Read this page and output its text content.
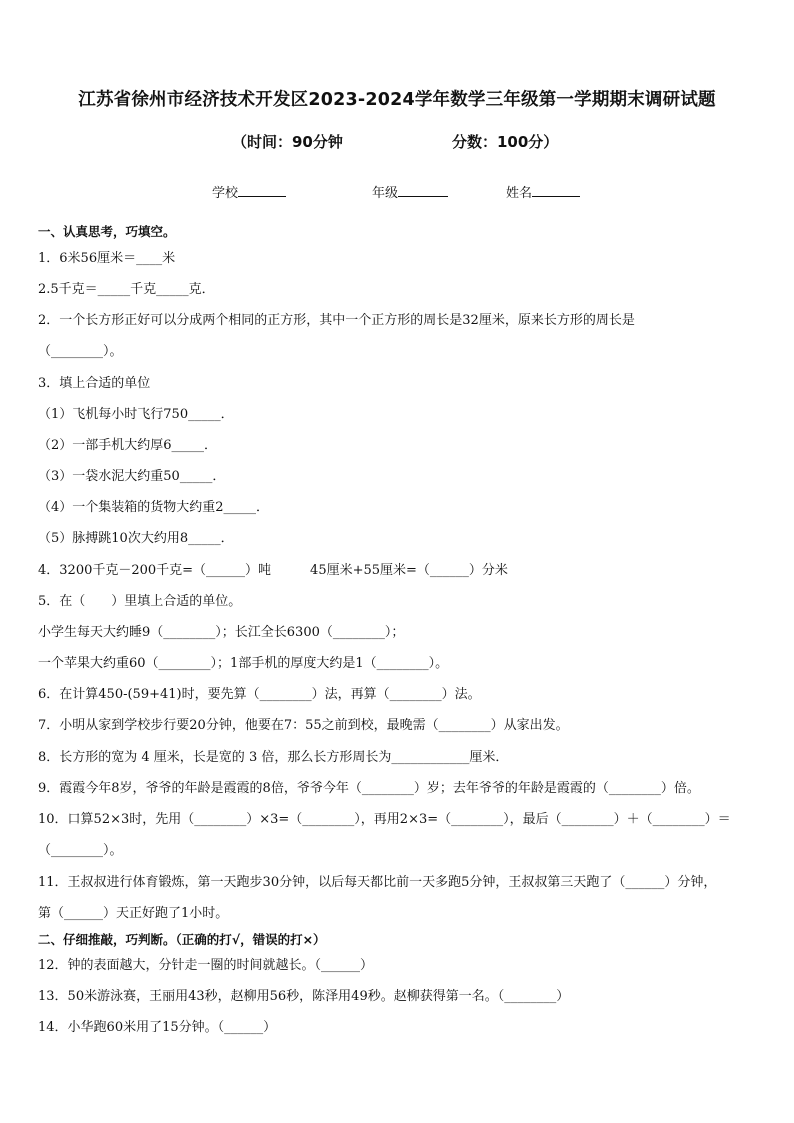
江苏省徐州市经济技术开发区2023-2024学年数学三年级第一学期期末调研试题
（时间：90分钟	分数：100分）
学校	年级	姓名
一、认真思考，巧填空。
1．6米56厘米＝____米
2.5千克＝_____千克_____克．
2．一个长方形正好可以分成两个相同的正方形，其中一个正方形的周长是32厘米，原来长方形的周长是
（________）。
3．填上合适的单位
（1）飞机每小时飞行750_____．
（2）一部手机大约厚6_____．
（3）一袋水泥大约重50_____．
（4）一个集装箱的货物大约重2_____．
（5）脉搏跳10次大约用8_____．
4．3200千克－200千克=（______）吨　　　45厘米+55厘米=（______）分米
5．在（　　）里填上合适的单位。
小学生每天大约睡9（________）；长江全长6300（________）；
一个苹果大约重60（________）；1部手机的厚度大约是1（________）。
6．在计算450-(59+41)时，要先算（________）法，再算（________）法。
7．小明从家到学校步行要20分钟，他要在7：55之前到校，最晚需（________）从家出发。
8．长方形的宽为 4 厘米，长是宽的 3 倍，那么长方形周长为____________厘米．
9．霞霞今年8岁，爷爷的年龄是霞霞的8倍，爷爷今年（________）岁；去年爷爷的年龄是霞霞的（________）倍。
10．口算52×3时，先用（________）×3=（________），再用2×3=（________），最后（________）＋（________）＝
（________）。
11．王叔叔进行体育锻炼，第一天跑步30分钟，以后每天都比前一天多跑5分钟，王叔叔第三天跑了（______）分钟，
第（______）天正好跑了1小时。
二、仔细推敲，巧判断。（正确的打√，错误的打×）
12．钟的表面越大，分针走一圈的时间就越长。（______）
13．50米游泳赛，王丽用43秒，赵柳用56秒，陈泽用49秒。赵柳获得第一名。（________）
14．小华跑60米用了15分钟。（______）
